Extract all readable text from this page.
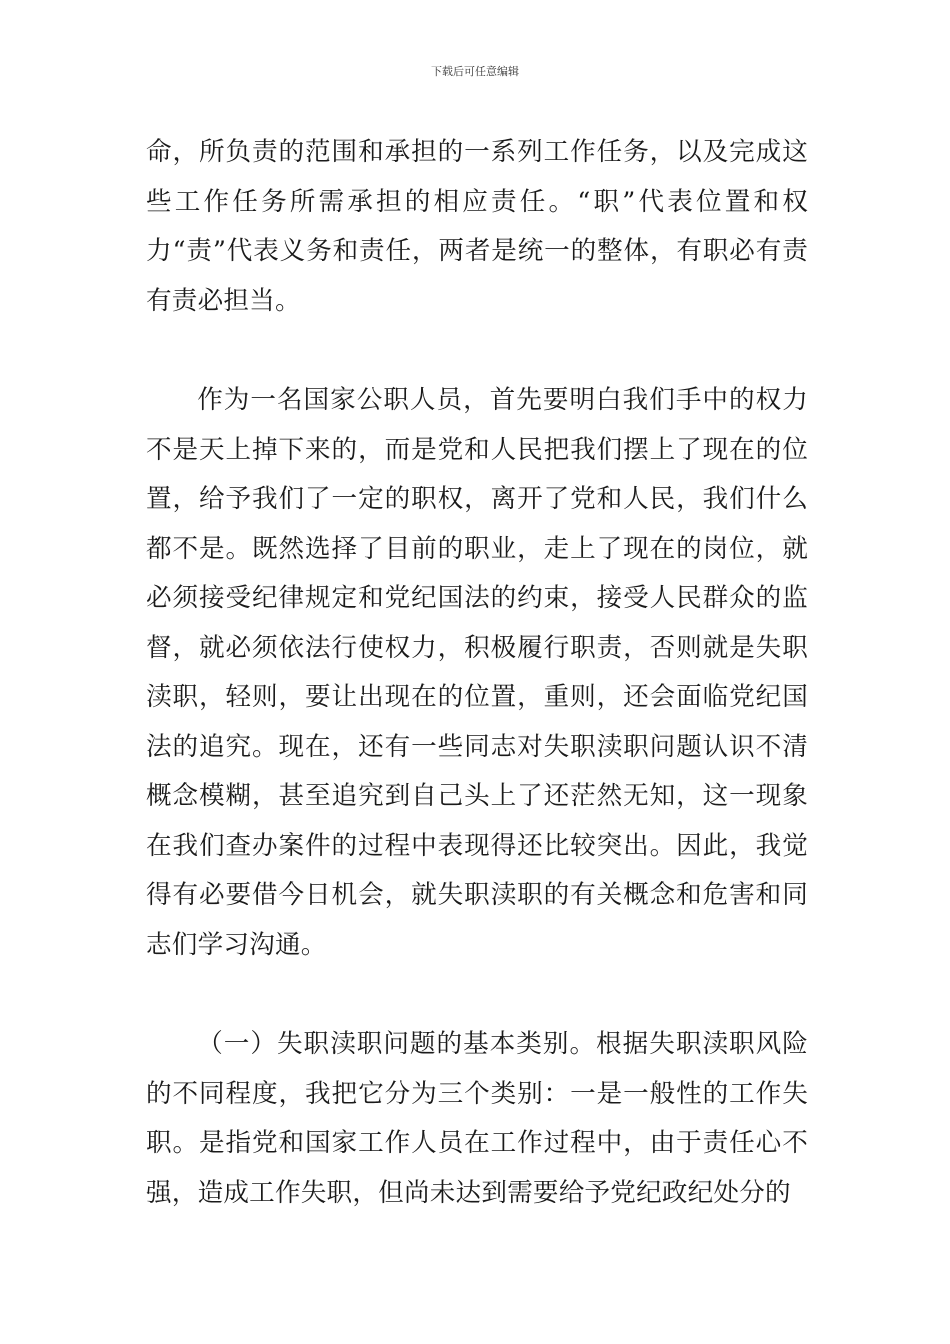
下载后可任意编辑

命，所负责的范围和承担的一系列工作任务，以及完成这些工作任务所需承担的相应责任。“职”代表位置和权力“责”代表义务和责任，两者是统一的整体，有职必有责有责必担当。

作为一名国家公职人员，首先要明白我们手中的权力不是天上掉下来的，而是党和人民把我们摆上了现在的位置，给予我们了一定的职权，离开了党和人民，我们什么都不是。既然选择了目前的职业，走上了现在的岗位，就必须接受纪律规定和党纪国法的约束，接受人民群众的监督，就必须依法行使权力，积极履行职责，否则就是失职渎职，轻则，要让出现在的位置，重则，还会面临党纪国法的追究。现在，还有一些同志对失职渎职问题认识不清概念模糊，甚至追究到自己头上了还茫然无知，这一现象在我们查办案件的过程中表现得还比较突出。因此，我觉得有必要借今日机会，就失职渎职的有关概念和危害和同志们学习沟通。

（一）失职渎职问题的基本类别。根据失职渎职风险的不同程度，我把它分为三个类别：一是一般性的工作失职。是指党和国家工作人员在工作过程中，由于责任心不强，造成工作失职，但尚未达到需要给予党纪政纪处分的
